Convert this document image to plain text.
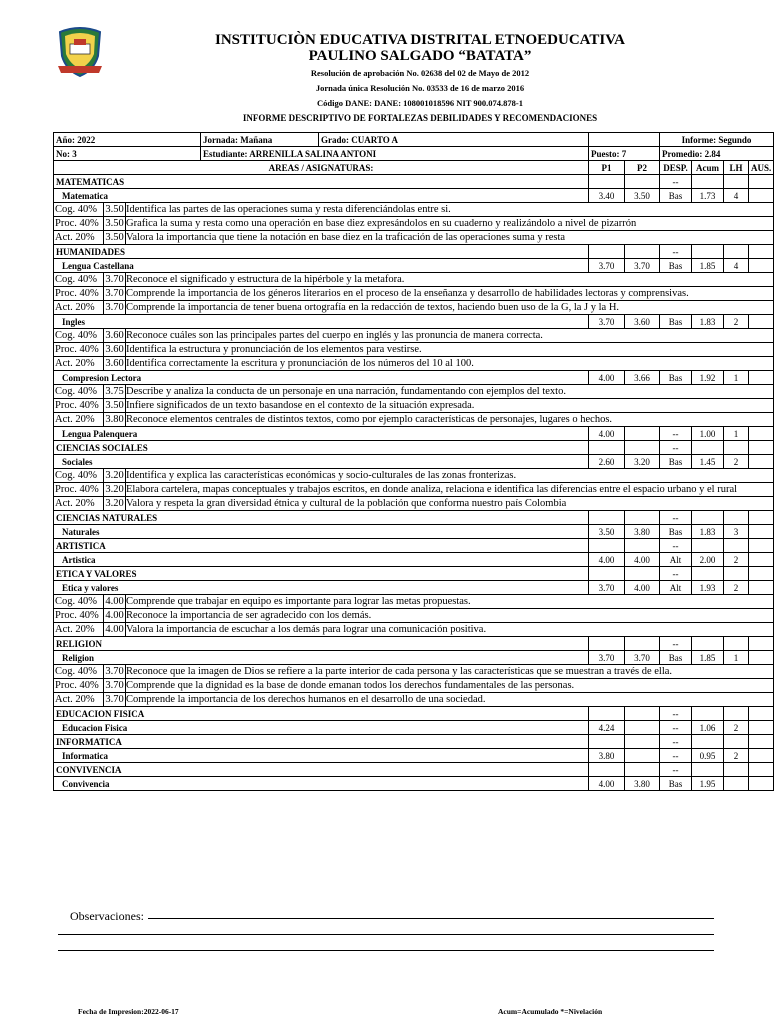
INSTITUCIÒN EDUCATIVA DISTRITAL ETNOEDUCATIVA
PAULINO SALGADO “BATATA”
Resolución de aprobación No. 02638 del 02 de Mayo de 2012
Jornada única Resolución No. 03533 de 16 de marzo 2016
Código DANE: DANE: 108001018596 NIT 900.074.878-1
INFORME DESCRIPTIVO DE FORTALEZAS DEBILIDADES Y RECOMENDACIONES
Año: 2022			Jornada: Mañana	Grado: CUARTO A			Informe: Segundo			
No: 3			Estudiante: ARRENILLA SALINA ANTONI		Puesto: 7		Promedio: 2.84			
AREAS / ASIGNATURAS:					P1	P2	DESP.	Acum	LH	AUS.
MATEMATICAS							--			
Matematica					3.40	3.50	Bas	1.73	4	
Cog. 40%	3.50	Identifica las partes de las operaciones suma y resta diferenciándolas entre si.								
Proc. 40%	3.50	Grafica la suma y resta como una operación en base diez expresándolos en su cuaderno y realizándolo a nivel de pizarrón								
Act. 20%	3.50	Valora la importancia que tiene la notación en base diez en la traficación de las operaciones suma y resta								
HUMANIDADES							--			
Lengua Castellana					3.70	3.70	Bas	1.85	4	
Cog. 40%	3.70	Reconoce el significado y estructura de la hipérbole y la metafora.								
Proc. 40%	3.70	Comprende la importancia de los géneros literarios en el proceso de la enseñanza y desarrollo de habilidades lectoras y comprensivas.								
Act. 20%	3.70	Comprende la importancia de tener buena ortografía en la redacción de textos, haciendo buen uso de la G, la J y la H.								
Ingles					3.70	3.60	Bas	1.83	2	
Cog. 40%	3.60	Reconoce cuáles son las principales partes del cuerpo en inglés y las pronuncia de manera correcta.								
Proc. 40%	3.60	Identifica la estructura y pronunciación de los elementos para vestirse.								
Act. 20%	3.60	Identifica correctamente la escritura y pronunciación de los números del 10 al 100.								
Compresion Lectora					4.00	3.66	Bas	1.92	1	
Cog. 40%	3.75	Describe y analiza la conducta de un personaje en una narración, fundamentando con ejemplos del texto.								
Proc. 40%	3.50	Infiere significados de un texto basandose en el contexto de la situación expresada.								
Act. 20%	3.80	Reconoce elementos centrales de distintos textos, como por ejemplo características de personajes, lugares o hechos.								
Lengua Palenquera					4.00		--	1.00	1	
CIENCIAS SOCIALES							--			
Sociales					2.60	3.20	Bas	1.45	2	
Cog. 40%	3.20	Identifica y explica las características económicas y socio-culturales de las zonas fronterizas.								
Proc. 40%	3.20	Elabora cartelera, mapas conceptuales y trabajos escritos, en donde analiza, relaciona e identifica las diferencias entre el espacio urbano y el rural								
Act. 20%	3.20	Valora y respeta la gran diversidad étnica y cultural de la población que conforma nuestro país Colombia								
CIENCIAS NATURALES							--			
Naturales					3.50	3.80	Bas	1.83	3	
ARTISTICA							--			
Artistica					4.00	4.00	Alt	2.00	2	
ETICA Y VALORES							--			
Etica y valores					3.70	4.00	Alt	1.93	2	
Cog. 40%	4.00	Comprende que trabajar en equipo es importante para lograr las metas propuestas.								
Proc. 40%	4.00	Reconoce la importancia de ser agradecido con los demás.								
Act. 20%	4.00	Valora la importancia de escuchar a los demás para lograr una comunicación positiva.								
RELIGION							--			
Religion					3.70	3.70	Bas	1.85	1	
Cog. 40%	3.70	Reconoce que la imagen de Dios se refiere a la parte interior de cada persona y las características que se muestran a través de ella.								
Proc. 40%	3.70	Comprende que la dignidad es la base de donde emanan todos los derechos fundamentales de las personas.								
Act. 20%	3.70	Comprende la importancia de los derechos humanos en el desarrollo de una sociedad.								
EDUCACION FISICA							--			
Educacion Fisica					4.24		--	1.06	2	
INFORMATICA							--			
Informatica					3.80		--	0.95	2	
CONVIVENCIA							--			
Convivencia					4.00	3.80	Bas	1.95		
Observaciones:
Fecha de Impresion:2022-06-17	Acum=Acumulado *=Nivelación
